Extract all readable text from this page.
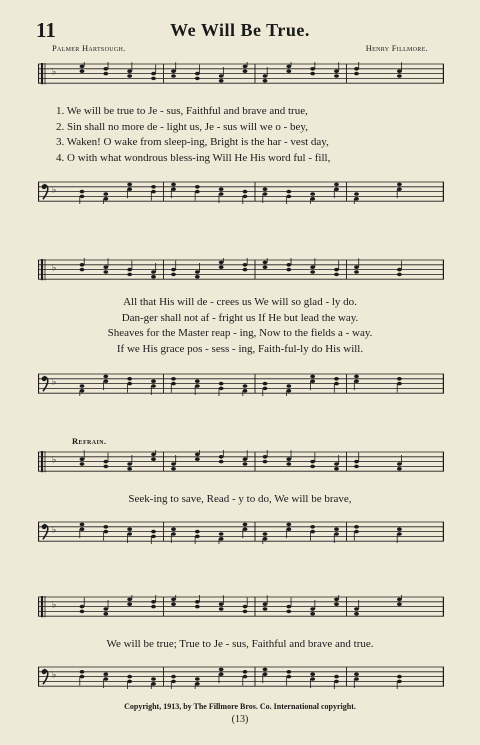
11	We Will Be True.
Palmer Hartsough.	Henry Fillmore.
♭
1. We will be true to Je - sus, Faithful and brave and true,
2. Sin shall no more de - light us, Je - sus will we o - bey,
3. Waken! O wake from sleep-ing, Bright is the har - vest day,
4. O with what wondrous bless-ing Will He His word ful - fill,
♭
♭
All that His will de - crees us We will so glad - ly do.
Dan-ger shall not af - fright us If He but lead the way.
Sheaves for the Master reap - ing, Now to the fields a - way.
If we His grace pos - sess - ing, Faith-ful-ly do His will.
♭
Refrain.
♭
Seek-ing to save, Read - y to do, We will be brave,
♭
♭
We will be true; True to Je - sus, Faithful and brave and true.
♭
Copyright, 1913, by The Fillmore Bros. Co. International copyright.
(13)
